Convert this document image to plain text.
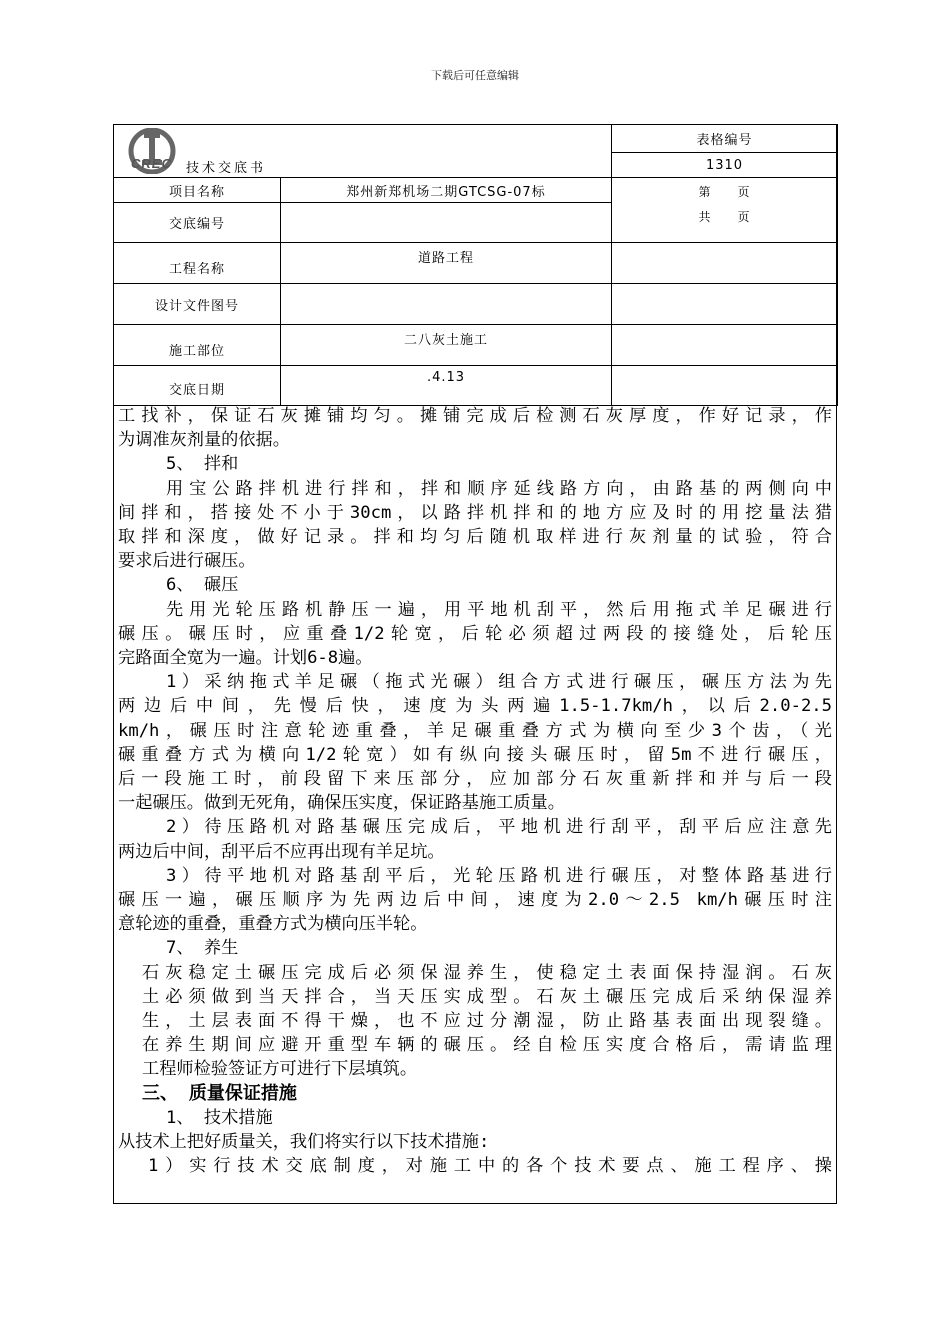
下载后可任意编辑
CREC 技术交底书		表格编号
		1310
项目名称	郑州新郑机场二期GTCSG-07标	第　　页
共　　页

交底编号		
工程名称	道路工程	
设计文件图号		
施工部位	二八灰土施工	
交底日期	.4.13	

工找补，保证石灰摊铺均匀。摊铺完成后检测石灰厚度，作好记录，作

为调准灰剂量的依据。

5、 拌和

用宝公路拌机进行拌和，拌和顺序延线路方向，由路基的两侧向中

间拌和，搭接处不小于30cm，以路拌机拌和的地方应及时的用挖量法猎

取拌和深度，做好记录。拌和均匀后随机取样进行灰剂量的试验，符合

要求后进行碾压。

6、 碾压

先用光轮压路机静压一遍，用平地机刮平，然后用拖式羊足碾进行

碾压。碾压时，应重叠1/2轮宽，后轮必须超过两段的接缝处，后轮压

完路面全宽为一遍。计划6-8遍。

1）采纳拖式羊足碾（拖式光碾）组合方式进行碾压，碾压方法为先

两边后中间，先慢后快，速度为头两遍1.5-1.7km/h，以后2.0-2.5

km/h，碾压时注意轮迹重叠，羊足碾重叠方式为横向至少3个齿，（光

碾重叠方式为横向1/2轮宽）如有纵向接头碾压时，留5m不进行碾压，

后一段施工时，前段留下来压部分，应加部分石灰重新拌和并与后一段

一起碾压。做到无死角，确保压实度，保证路基施工质量。

2）待压路机对路基碾压完成后，平地机进行刮平，刮平后应注意先

两边后中间，刮平后不应再出现有羊足坑。

3）待平地机对路基刮平后，光轮压路机进行碾压，对整体路基进行

碾压一遍，碾压顺序为先两边后中间，速度为2.0～2.5 km/h碾压时注

意轮迹的重叠，重叠方式为横向压半轮。

7、 养生

石灰稳定土碾压完成后必须保湿养生，使稳定土表面保持湿润。石灰

土必须做到当天拌合，当天压实成型。石灰土碾压完成后采纳保湿养

生，土层表面不得干燥，也不应过分潮湿，防止路基表面出现裂缝。

在养生期间应避开重型车辆的碾压。经自检压实度合格后，需请监理

工程师检验签证方可进行下层填筑。

三、 质量保证措施

1、 技术措施

从技术上把好质量关，我们将实行以下技术措施:

1）实行技术交底制度，对施工中的各个技术要点、施工程序、操
